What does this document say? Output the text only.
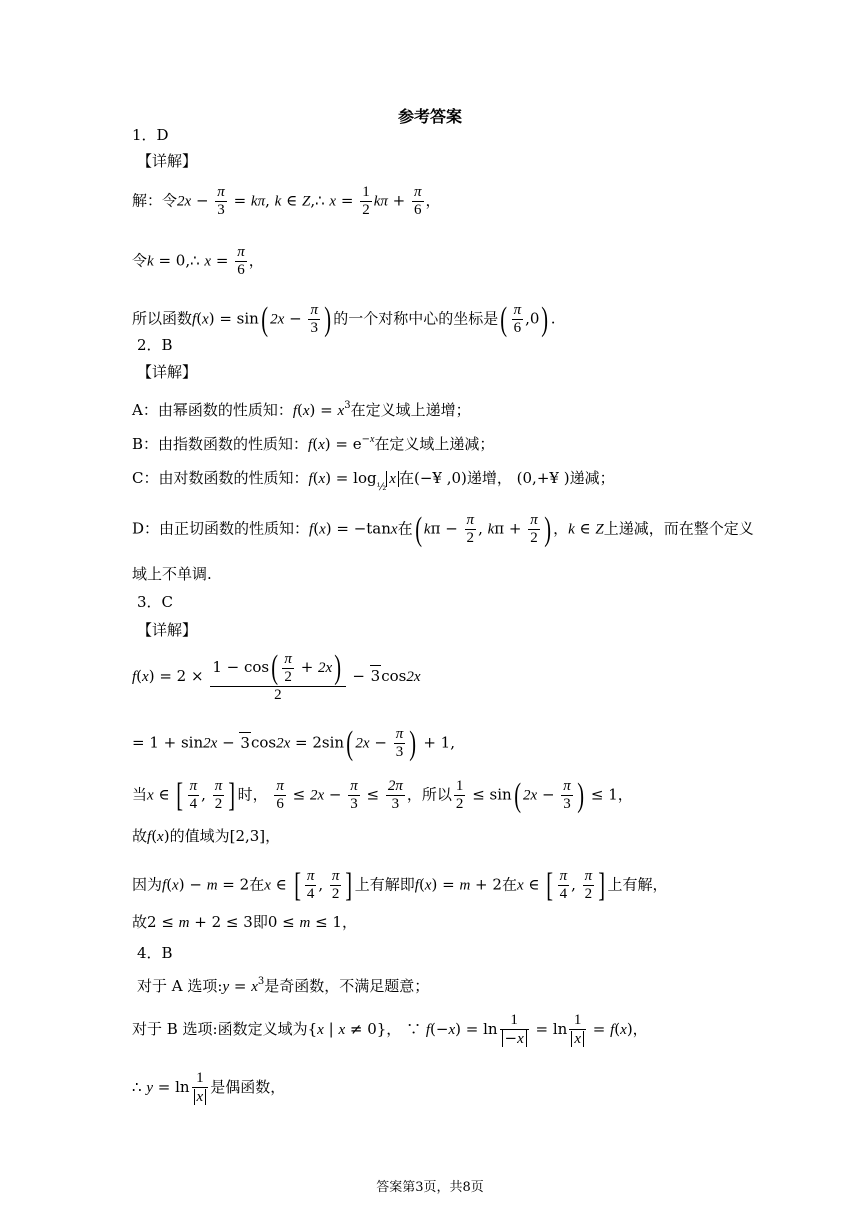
参考答案
1．D
【详解】
解：令$2x - \frac{\pi}{3} = k\pi$, k ∈ Z,∴ $x = \frac{1}{2}$ $k\pi + \frac{\pi}{6}$ ，
令k = 0,∴ $x = \frac{\pi}{6}$ ，
所以函数f(x) = sin( $2x - \frac{\pi}{3}$ ) 的一个对称中心的坐标是( $\frac{\pi}{6} ,0$) .
2．B
【详解】
A：由幂函数的性质知：$f(x) = x^3$在定义域上递增；
B：由指数函数的性质知：$f(x) = e^{-x}$在定义域上递减；
C：由对数函数的性质知：$f(x) = \log_{\frac{1}{2}}x$ 在(−¥ ,0)递增， (0,+¥ )递减；
D：由正切函数的性质知：f(x) = −tanx在( $k\pi - \frac{\pi}{2}$ , $k\pi + \frac{\pi}{2}$ ) ，k ∈ Z上递减，而在整个定义
域上不单调.
3．C
【详解】
$f(x) = 2 \times \frac{1 - \cos( \frac{\pi}{2} + 2x)}{2} - 3\cos 2x$
= 1 + sin2x − 3cos2x = 2sin( $2x - \frac{\pi}{3}$ ) + 1,
当x ∈ [ $\frac{\pi}{4}$ , $\frac{\pi}{2}$ ] 时， $\frac{\pi}{6} \le 2x - \frac{\pi}{3} \le \frac{2\pi}{3}$ ，所以 $\frac{1}{2} \le \sin$( $2x - \frac{\pi}{3}$ ) ≤ 1，
故f(x)的值域为[2,3]，
因为f(x) − m = 2在x ∈ [ $\frac{\pi}{4}$ , $\frac{\pi}{2}$ ] 上有解即f(x) = m + 2在x ∈ [ $\frac{\pi}{4}$ , $\frac{\pi}{2}$ ] 上有解，
故2 ≤ m + 2 ≤ 3即0 ≤ m ≤ 1，
4．B
对于 A 选项:y = $x^3$是奇函数，不满足题意；
对于 B 选项:函数定义域为{x | x ≠ 0}， ∵ $f(-x) = \ln \frac{1}{-x} = \ln \frac{1}{x} = f(x)$，
∴ $y = \ln \frac{1}{x}$ 是偶函数，
答案第3页，共8页
